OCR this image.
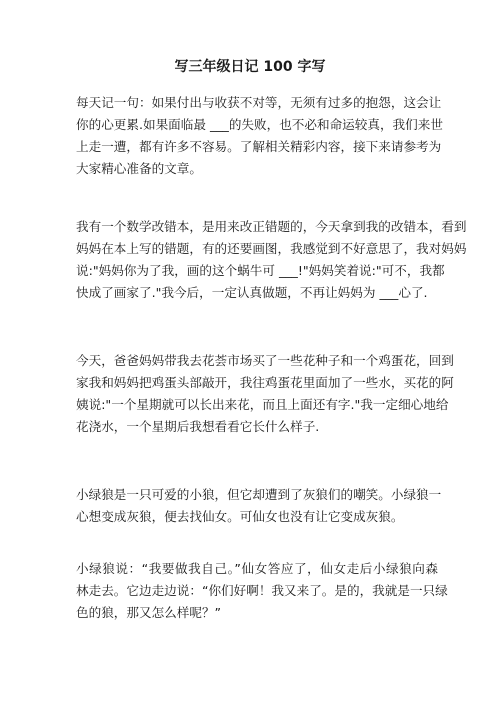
写三年级日记 100 字写
每天记一句：如果付出与收获不对等，无须有过多的抱怨，这会让
你的心更累.如果面临最 ___的失败，也不必和命运较真，我们来世
上走一遭，都有许多不容易。了解相关精彩内容，接下来请参考为
大家精心准备的文章。
我有一个数学改错本，是用来改正错题的，今天拿到我的改错本，看到
妈妈在本上写的错题，有的还要画图，我感觉到不好意思了，我对妈妈
说:"妈妈你为了我，画的这个蜗牛可 ___!"妈妈笑着说:"可不，我都
快成了画家了."我今后，一定认真做题，不再让妈妈为 ___心了.
今天，爸爸妈妈带我去花荟市场买了一些花种子和一个鸡蛋花，回到
家我和妈妈把鸡蛋头部敲开，我往鸡蛋花里面加了一些水，买花的阿
姨说:"一个星期就可以长出来花，而且上面还有字."我一定细心地给
花浇水，一个星期后我想看看它长什么样子.
小绿狼是一只可爱的小狼，但它却遭到了灰狼们的嘲笑。小绿狼一
心想变成灰狼，便去找仙女。可仙女也没有让它变成灰狼。
小绿狼说：“我要做我自己。”仙女答应了，仙女走后小绿狼向森
林走去。它边走边说：“你们好啊！我又来了。是的，我就是一只绿
色的狼，那又怎么样呢？”
